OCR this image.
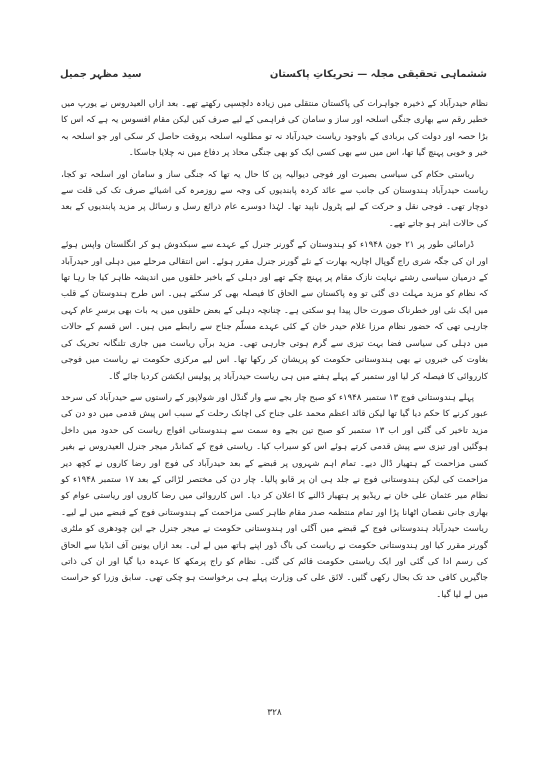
سید مظہر جمیل	ششماہی تحقیقی مجلہ — تحریکاتِ پاکستان

نظام حیدرآباد کے ذخیرہ جواہرات کی پاکستان منتقلی میں زیادہ دلچسپی رکھتے تھے۔ بعد ازاں العیدروس نے یورپ میں خطیر رقم سے بھاری جنگی اسلحہ اور ساز و سامان کی فراہمی کے لیے صرف کیں لیکن مقام افسوس یہ ہے کہ اس کا بڑا حصہ اور دولت کی بربادی کے باوجود ریاست حیدرآباد نہ تو مطلوبہ اسلحہ بروقت حاصل کر سکی اور جو اسلحہ بہ خیر و خوبی پہنچ گیا تھا، اس میں سے بھی کسی ایک کو بھی جنگی محاذ پر دفاع میں نہ چلایا جاسکا۔

ریاستی حکام کی سیاسی بصیرت اور فوجی دیوالیہ پن کا حال یہ تھا کہ جنگی ساز و سامان اور اسلحہ تو کجا، ریاست حیدرآباد ہندوستان کی جانب سے عائد کردہ پابندیوں کی وجہ سے روزمرہ کی اشیائے صرف تک کی قلت سے دوچار تھی۔ فوجی نقل و حرکت کے لیے پٹرول ناپید تھا۔ لہٰذا دوسرے عام ذرائع رسل و رسائل پر مزید پابندیوں کے بعد کی حالات ابتر ہو جاتے تھے۔

ڈرامائی طور پر ۲۱ جون ۱۹۴۸ء کو ہندوستان کے گورنر جنرل کے عہدے سے سبکدوش ہو کر انگلستان واپس ہوئے اور ان کی جگہ شری راج گوپال اچاریہ بھارت کے نئے گورنر جنرل مقرر ہوئے۔ اس انتقالی مرحلے میں دہلی اور حیدرآباد کے درمیان سیاسی رشتے نہایت نازک مقام پر پہنچ چکے تھے اور دہلی کے باخبر حلقوں میں اندیشہ ظاہر کیا جا رہا تھا کہ نظام کو مزید مہلت دی گئی تو وہ پاکستان سے الحاق کا فیصلہ بھی کر سکتے ہیں۔ اس طرح ہندوستان کے قلب میں ایک نئی اور خطرناک صورت حال پیدا ہو سکتی ہے۔ چنانچہ دہلی کے بعض حلقوں میں یہ بات بھی برسرِ عام کہی جارہی تھی کہ حضور نظام مرزا غلام حیدر خان کے کئی عہدے مسلّم جناح سے رابطے میں ہیں۔ اس قسم کے حالات میں دہلی کی سیاسی فضا بہت تیزی سے گرم ہوتی جارہی تھی۔ مزید برآں ریاست میں جاری تلنگانہ تحریک کی بغاوت کی خبروں نے بھی ہندوستانی حکومت کو پریشان کر رکھا تھا۔ اس لیے مرکزی حکومت نے ریاست میں فوجی کارروائی کا فیصلہ کر لیا اور ستمبر کے پہلے ہفتے میں ہی ریاست حیدرآباد پر پولیس ایکشن کردیا جائے گا۔

پہلے ہندوستانی فوج ۱۳ ستمبر ۱۹۴۸ء کو صبح چار بجے سے وار گنڈل اور شولاپور کے راستوں سے حیدرآباد کی سرحد عبور کرنے کا حکم دیا گیا تھا لیکن قائد اعظم محمد علی جناح کی اچانک رحلت کے سبب اس پیش قدمی میں دو دن کی مزید تاخیر کی گئی اور اب ۱۳ ستمبر کو صبح تین بجے وہ سمت سے ہندوستانی افواج ریاست کی حدود میں داخل ہوگئیں اور تیزی سے پیش قدمی کرتے ہوئے اس کو سیراب کیا۔ ریاستی فوج کے کمانڈر میجر جنرل العیدروس نے بغیر کسی مزاحمت کے ہتھیار ڈال دیے۔ تمام اہم شہروں پر قبضے کے بعد حیدرآباد کی فوج اور رضا کاروں نے کچھ دیر مزاحمت کی لیکن ہندوستانی فوج نے جلد ہی ان پر قابو پالیا۔ چار دن کی مختصر لڑائی کے بعد ۱۷ ستمبر ۱۹۴۸ء کو نظام میر عثمان علی خان نے ریڈیو پر ہتھیار ڈالنے کا اعلان کر دیا۔ اس کارروائی میں رضا کاروں اور ریاستی عوام کو بھاری جانی نقصان اٹھانا پڑا اور تمام منتظمہ صدر مقام ظاہر کسی مزاحمت کے ہندوستانی فوج کے قبضے میں لے لیے۔ ریاست حیدرآباد ہندوستانی فوج کے قبضے میں آگئی اور ہندوستانی حکومت نے میجر جنرل جے این چودھری کو ملٹری گورنر مقرر کیا اور ہندوستانی حکومت نے ریاست کی باگ ڈور اپنے ہاتھ میں لے لی۔ بعد ازاں یونین آف انڈیا سے الحاق کی رسم ادا کی گئی اور ایک ریاستی حکومت قائم کی گئی۔ نظام کو راج پرمکھ کا عہدہ دیا گیا اور ان کی ذاتی جاگیریں کافی حد تک بحال رکھی گئیں۔ لائق علی کی وزارت پہلے ہی برخواست ہو چکی تھی۔ سابق وزرا کو حراست میں لے لیا گیا۔

۳۲۸
